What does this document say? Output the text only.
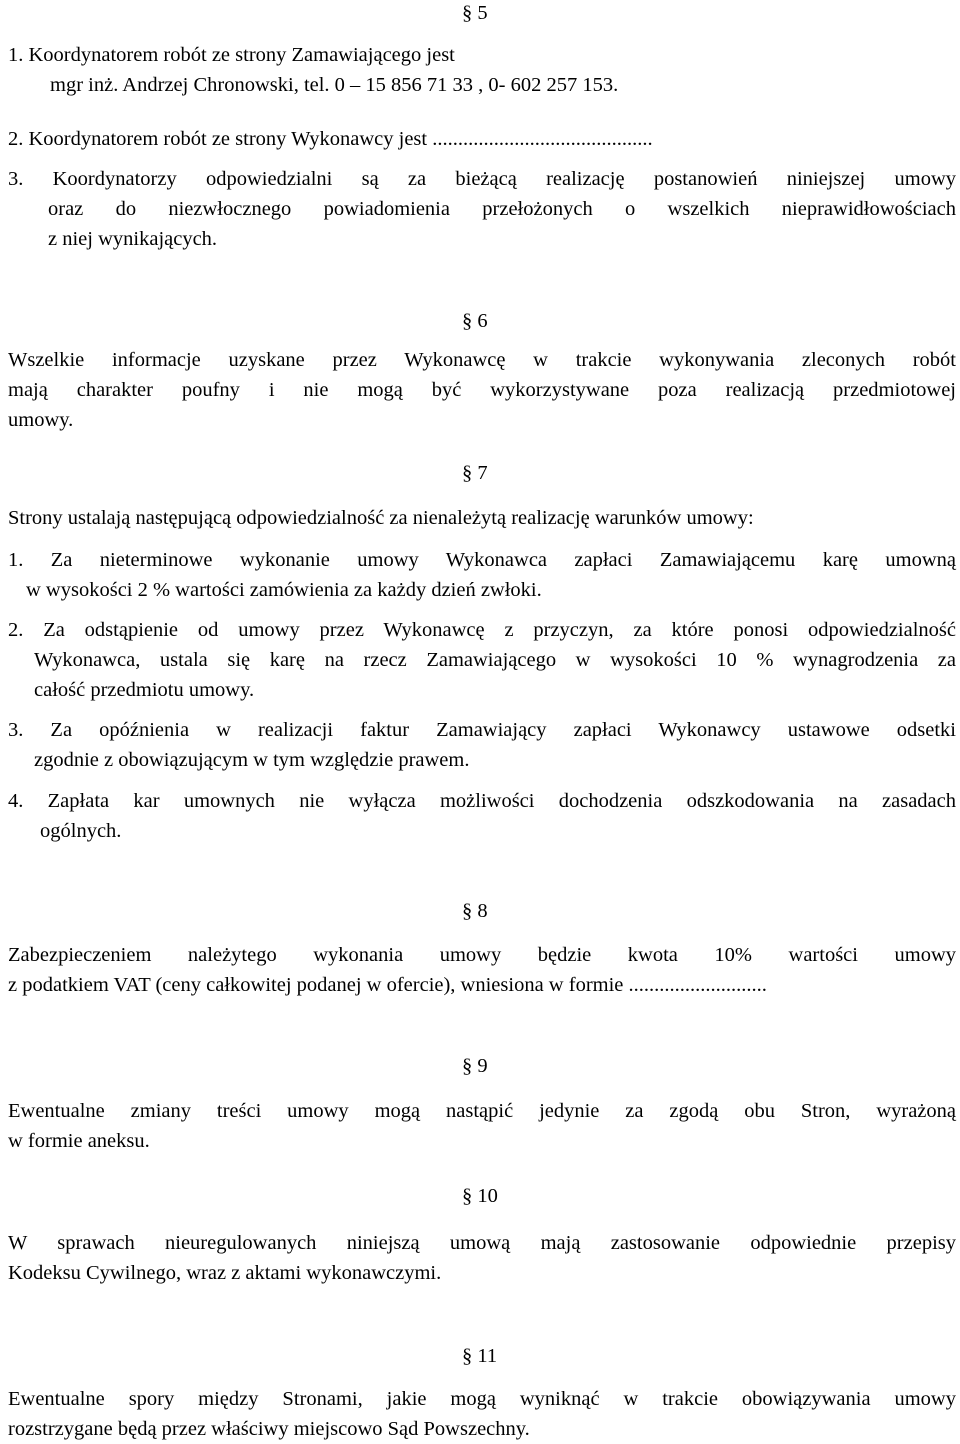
§ 5
1. Koordynatorem robót ze strony Zamawiającego jest
mgr inż. Andrzej Chronowski, tel. 0 – 15 856 71 33 , 0- 602 257 153.
2. Koordynatorem robót ze strony Wykonawcy jest ...........................................
3. Koordynatorzy odpowiedzialni są za bieżącą realizację postanowień niniejszej umowy
oraz do niezwłocznego powiadomienia przełożonych o wszelkich nieprawidłowościach
z niej wynikających.
§ 6
Wszelkie informacje uzyskane przez Wykonawcę w trakcie wykonywania zleconych robót
mają charakter poufny i nie mogą być wykorzystywane poza realizacją przedmiotowej
umowy.
§ 7
Strony ustalają następującą odpowiedzialność za nienależytą realizację warunków umowy:
1. Za nieterminowe wykonanie umowy Wykonawca zapłaci Zamawiającemu karę umowną
w wysokości 2 % wartości zamówienia za każdy dzień zwłoki.
2. Za odstąpienie od umowy przez Wykonawcę z przyczyn, za które ponosi odpowiedzialność
Wykonawca, ustala się karę na rzecz Zamawiającego w wysokości 10 % wynagrodzenia za
całość przedmiotu umowy.
3. Za opóźnienia w realizacji faktur Zamawiający zapłaci Wykonawcy ustawowe odsetki
zgodnie z obowiązującym w tym względzie prawem.
4. Zapłata kar umownych nie wyłącza możliwości dochodzenia odszkodowania na zasadach
ogólnych.
§ 8
Zabezpieczeniem należytego wykonania umowy będzie kwota 10% wartości umowy
z podatkiem VAT (ceny całkowitej podanej w ofercie), wniesiona w formie ...........................
§ 9
Ewentualne zmiany treści umowy mogą nastąpić jedynie za zgodą obu Stron, wyrażoną
w formie aneksu.
§ 10
W sprawach nieuregulowanych niniejszą umową mają zastosowanie odpowiednie przepisy
Kodeksu Cywilnego, wraz z aktami wykonawczymi.
§ 11
Ewentualne spory między Stronami, jakie mogą wyniknąć w trakcie obowiązywania umowy
rozstrzygane będą przez właściwy miejscowo Sąd Powszechny.
